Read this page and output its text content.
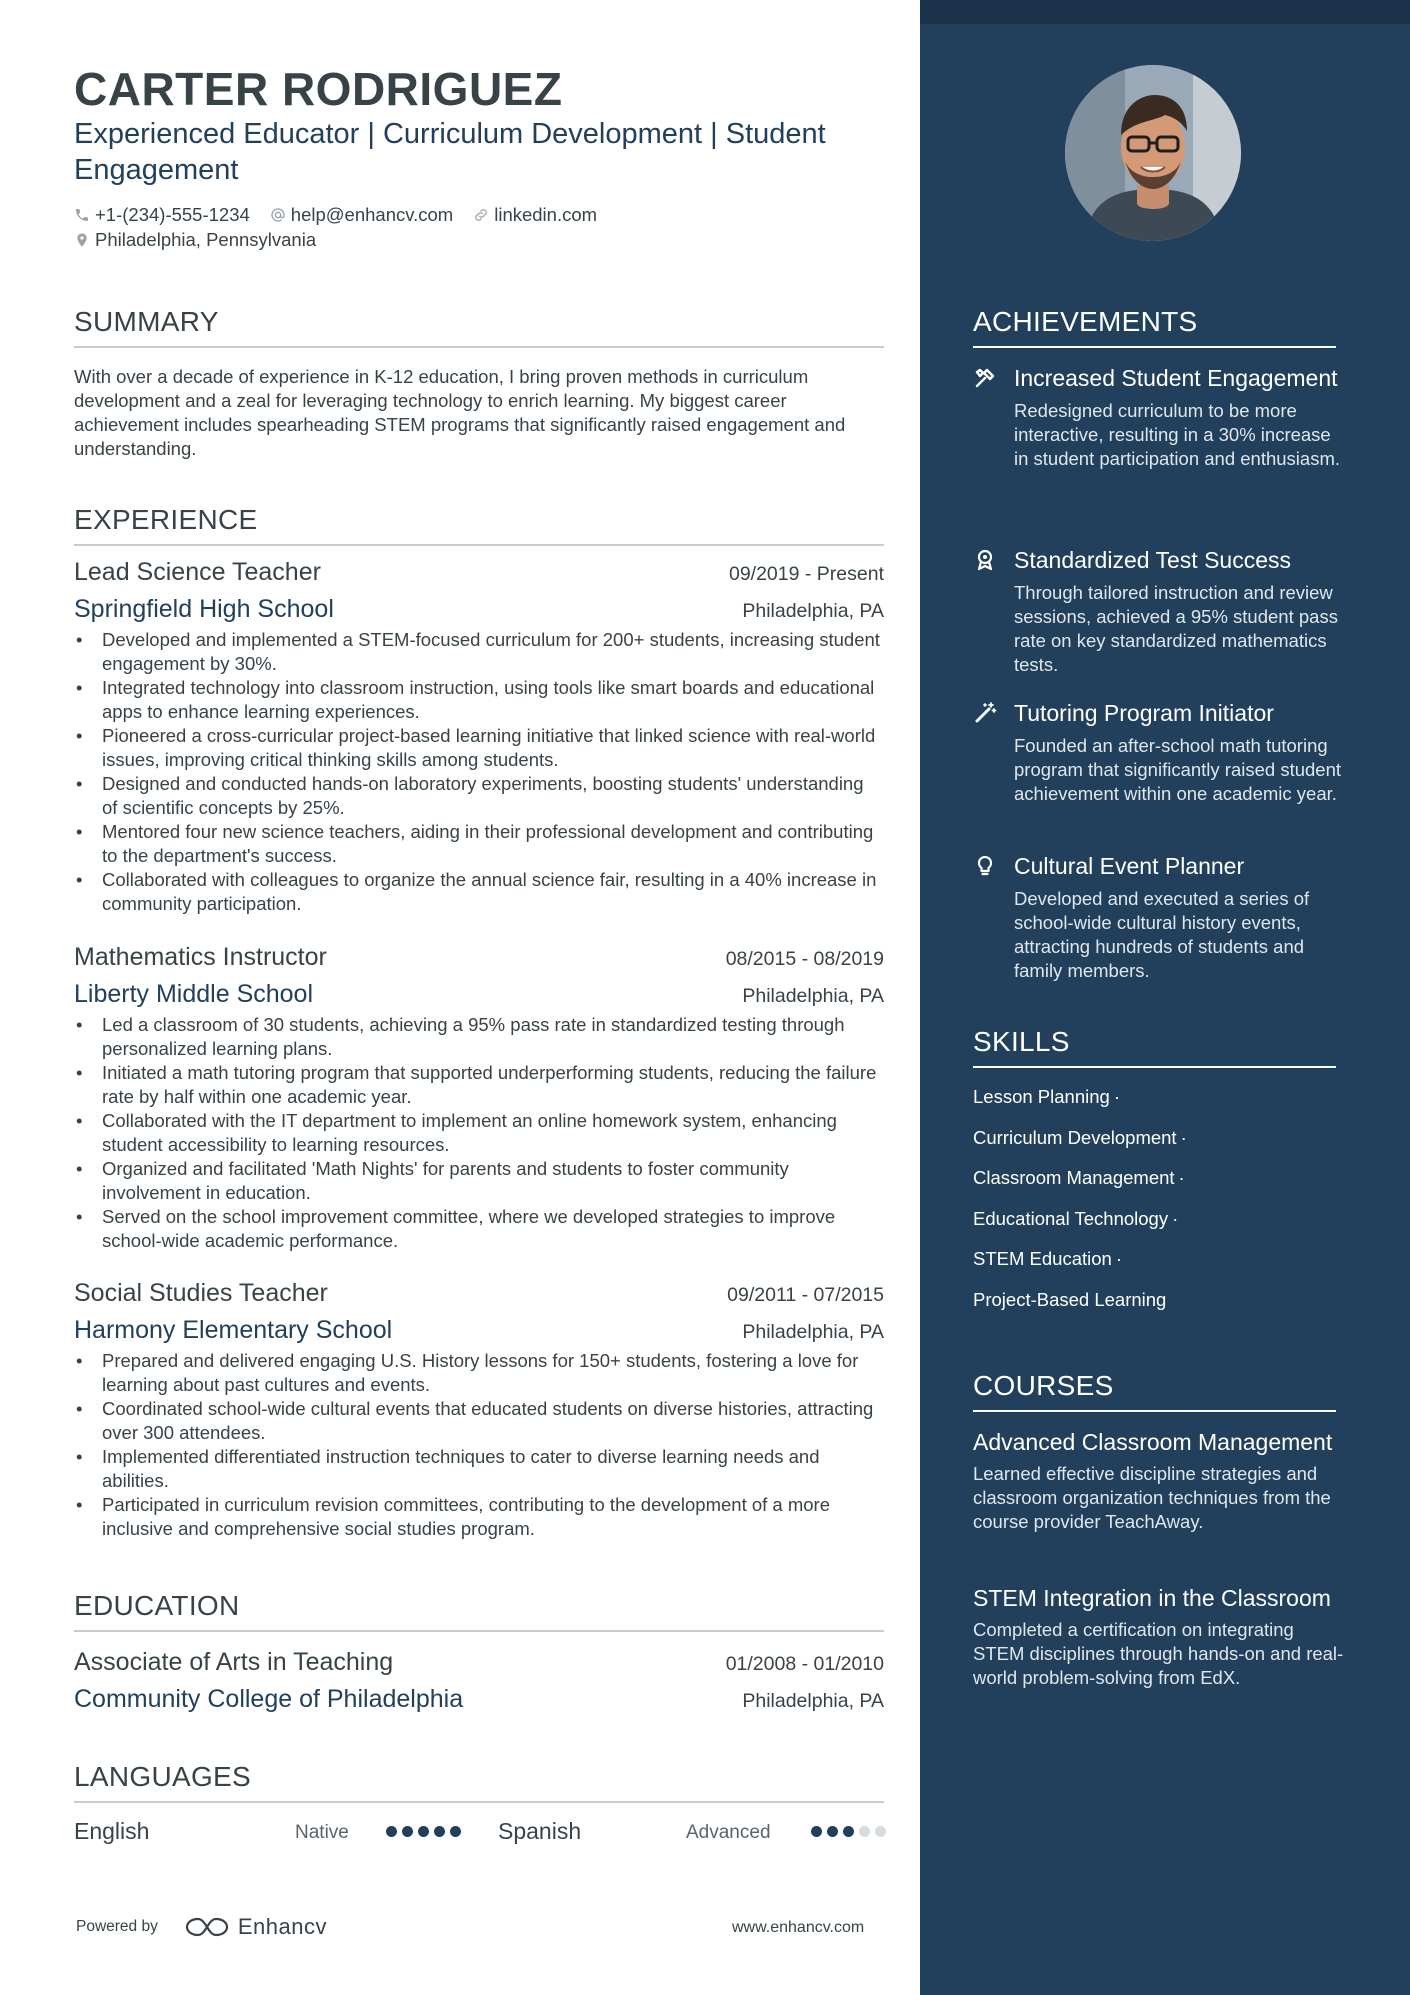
CARTER RODRIGUEZ

Experienced Educator | Curriculum Development | Student Engagement

+1-(234)-555-1234 help@enhancv.com linkedin.com
Philadelphia, Pennsylvania
SUMMARY

With over a decade of experience in K-12 education, I bring proven methods in curriculum development and a zeal for leveraging technology to enrich learning. My biggest career achievement includes spearheading STEM programs that significantly raised engagement and understanding.

EXPERIENCE
Lead Science Teacher	09/2019 - Present
Springfield High School	Philadelphia, PA
• Developed and implemented a STEM-focused curriculum for 200+ students, increasing student engagement by 30%.
• Integrated technology into classroom instruction, using tools like smart boards and educational apps to enhance learning experiences.
• Pioneered a cross-curricular project-based learning initiative that linked science with real-world issues, improving critical thinking skills among students.
• Designed and conducted hands-on laboratory experiments, boosting students' understanding of scientific concepts by 25%.
• Mentored four new science teachers, aiding in their professional development and contributing to the department's success.
• Collaborated with colleagues to organize the annual science fair, resulting in a 40% increase in community participation.
Mathematics Instructor	08/2015 - 08/2019
Liberty Middle School	Philadelphia, PA
• Led a classroom of 30 students, achieving a 95% pass rate in standardized testing through personalized learning plans.
• Initiated a math tutoring program that supported underperforming students, reducing the failure rate by half within one academic year.
• Collaborated with the IT department to implement an online homework system, enhancing student accessibility to learning resources.
• Organized and facilitated 'Math Nights' for parents and students to foster community involvement in education.
• Served on the school improvement committee, where we developed strategies to improve school-wide academic performance.
Social Studies Teacher	09/2011 - 07/2015
Harmony Elementary School	Philadelphia, PA
• Prepared and delivered engaging U.S. History lessons for 150+ students, fostering a love for learning about past cultures and events.
• Coordinated school-wide cultural events that educated students on diverse histories, attracting over 300 attendees.
• Implemented differentiated instruction techniques to cater to diverse learning needs and abilities.
• Participated in curriculum revision committees, contributing to the development of a more inclusive and comprehensive social studies program.
EDUCATION
Associate of Arts in Teaching	01/2008 - 01/2010
Community College of Philadelphia	Philadelphia, PA
LANGUAGES
English	Native	Spanish	Advanced
Powered by	Enhancv	www.enhancv.com
ACHIEVEMENTS
Increased Student Engagement
Redesigned curriculum to be more interactive, resulting in a 30% increase in student participation and enthusiasm.
Standardized Test Success
Through tailored instruction and review sessions, achieved a 95% student pass rate on key standardized mathematics tests.
Tutoring Program Initiator
Founded an after-school math tutoring program that significantly raised student achievement within one academic year.
Cultural Event Planner
Developed and executed a series of school-wide cultural history events, attracting hundreds of students and family members.
SKILLS
Lesson Planning ·
Curriculum Development ·
Classroom Management ·
Educational Technology ·
STEM Education ·
Project-Based Learning
COURSES
Advanced Classroom Management
Learned effective discipline strategies and classroom organization techniques from the course provider TeachAway.
STEM Integration in the Classroom
Completed a certification on integrating STEM disciplines through hands-on and real-world problem-solving from EdX.
